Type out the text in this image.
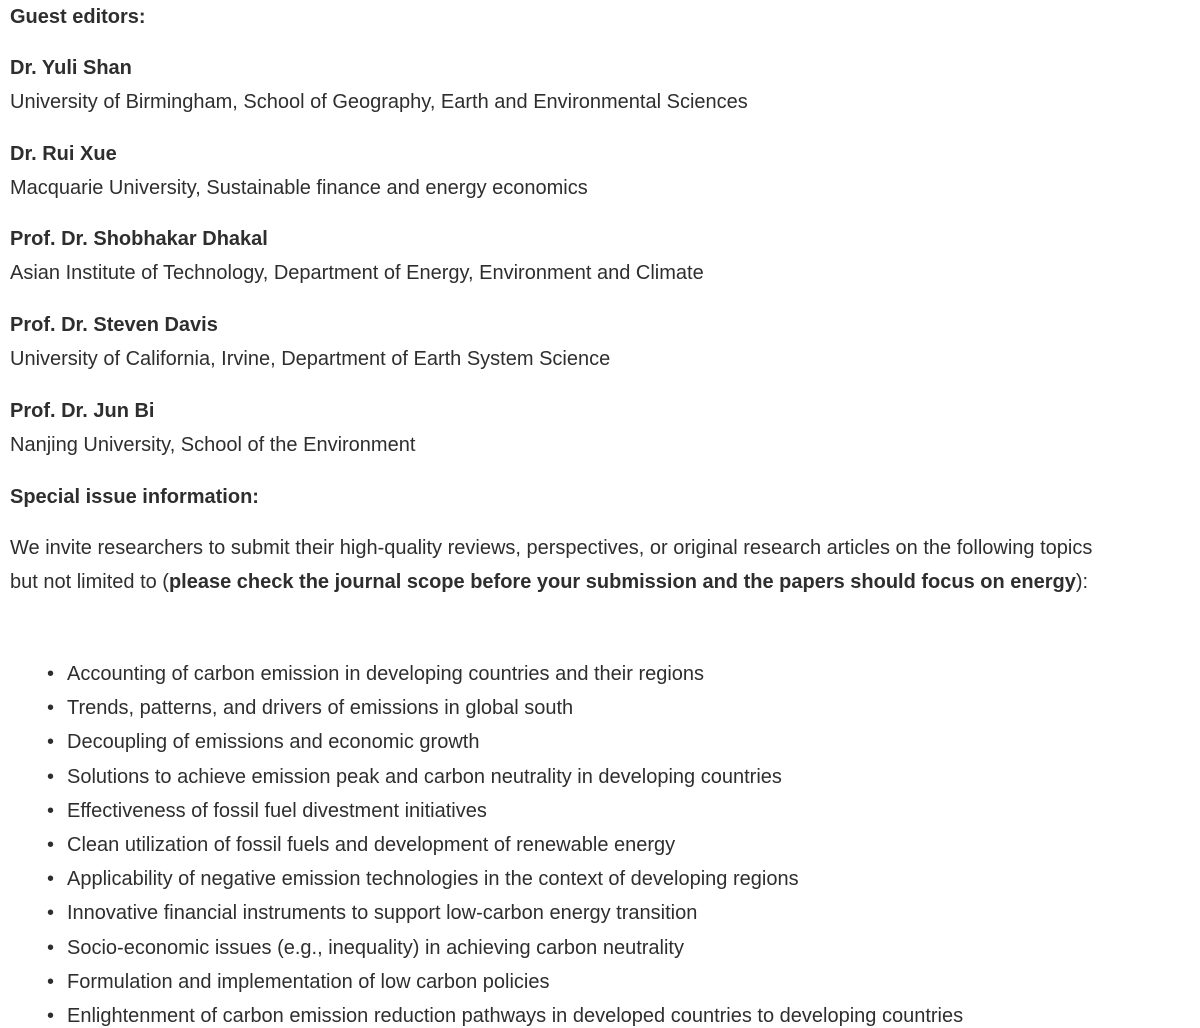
Guest editors:

Dr. Yuli Shan

University of Birmingham, School of Geography, Earth and Environmental Sciences

Dr. Rui Xue

Macquarie University, Sustainable finance and energy economics

Prof. Dr. Shobhakar Dhakal

Asian Institute of Technology, Department of Energy, Environment and Climate

Prof. Dr. Steven Davis

University of California, Irvine, Department of Earth System Science

Prof. Dr. Jun Bi

Nanjing University, School of the Environment

Special issue information:

We invite researchers to submit their high-quality reviews, perspectives, or original research articles on the following topics but not limited to (please check the journal scope before your submission and the papers should focus on energy):

• Accounting of carbon emission in developing countries and their regions
• Trends, patterns, and drivers of emissions in global south
• Decoupling of emissions and economic growth
• Solutions to achieve emission peak and carbon neutrality in developing countries
• Effectiveness of fossil fuel divestment initiatives
• Clean utilization of fossil fuels and development of renewable energy
• Applicability of negative emission technologies in the context of developing regions
• Innovative financial instruments to support low-carbon energy transition
• Socio-economic issues (e.g., inequality) in achieving carbon neutrality
• Formulation and implementation of low carbon policies
• Enlightenment of carbon emission reduction pathways in developed countries to developing countries
